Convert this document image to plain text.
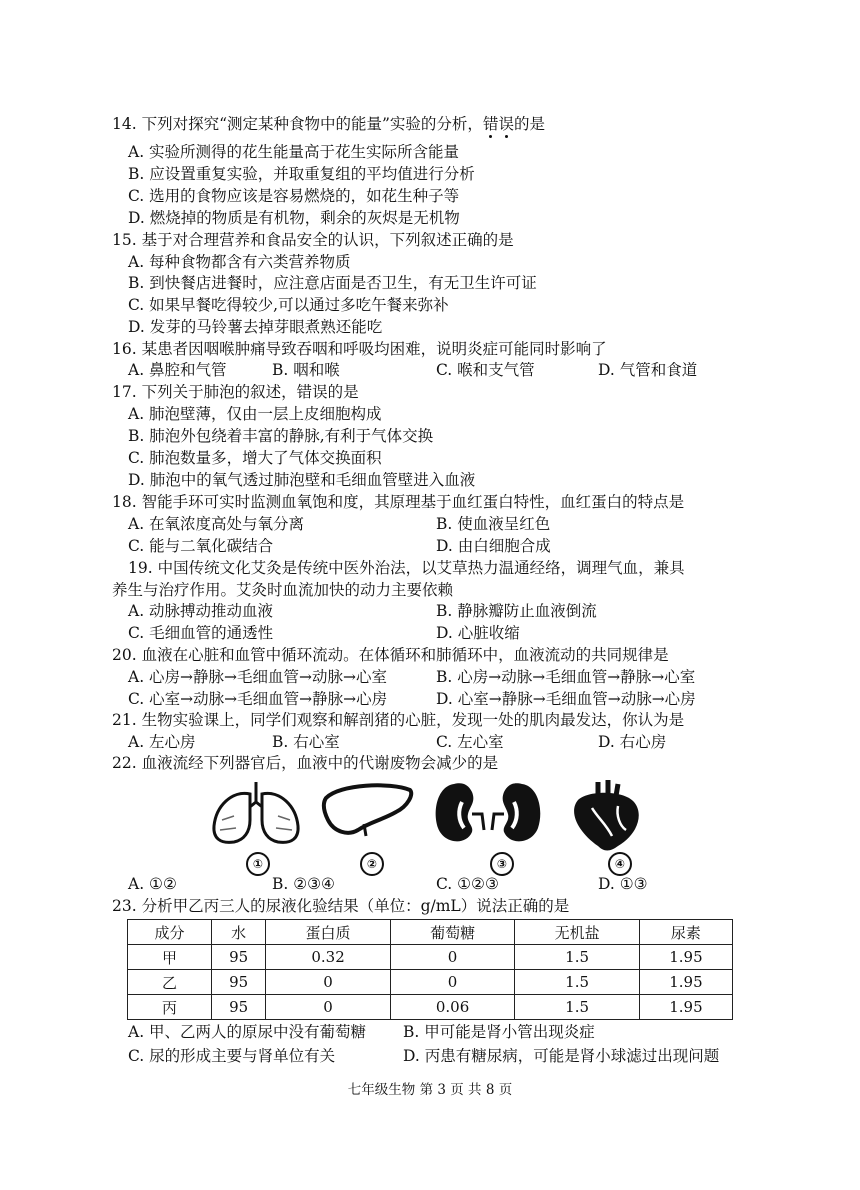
14. 下列对探究“测定某种食物中的能量”实验的分析，错误
的是
A. 实验所测得的花生能量高于花生实际所含能量
B. 应设置重复实验，并取重复组的平均值进行分析
C. 选用的食物应该是容易燃烧的，如花生种子等
D. 燃烧掉的物质是有机物，剩余的灰烬是无机物
15. 基于对合理营养和食品安全的认识，下列叙述正确的是
A. 每种食物都含有六类营养物质
B. 到快餐店进餐时，应注意店面是否卫生，有无卫生许可证
C. 如果早餐吃得较少,可以通过多吃午餐来弥补
D. 发芽的马铃薯去掉芽眼煮熟还能吃
16. 某患者因咽喉肿痛导致吞咽和呼吸均困难，说明炎症可能同时影响了
A. 鼻腔和气管	B. 咽和喉	C. 喉和支气管	D. 气管和食道
17. 下列关于肺泡的叙述，错误的是
A. 肺泡壁薄，仅由一层上皮细胞构成
B. 肺泡外包绕着丰富的静脉,有利于气体交换
C. 肺泡数量多，增大了气体交换面积
D. 肺泡中的氧气透过肺泡壁和毛细血管壁进入血液
18. 智能手环可实时监测血氧饱和度，其原理基于血红蛋白特性，血红蛋白的特点是
A. 在氧浓度高处与氧分离	B. 使血液呈红色
C. 能与二氧化碳结合	D. 由白细胞合成
19. 中国传统文化艾灸是传统中医外治法，以艾草热力温通经络，调理气血，兼具
养生与治疗作用。艾灸时血流加快的动力主要依赖
A. 动脉搏动推动血液	B. 静脉瓣防止血液倒流
C. 毛细血管的通透性	D. 心脏收缩
20. 血液在心脏和血管中循环流动。在体循环和肺循环中，血液流动的共同规律是
A. 心房→静脉→毛细血管→动脉→心室	B. 心房→动脉→毛细血管→静脉→心室
C. 心室→动脉→毛细血管→静脉→心房	D. 心室→静脉→毛细血管→动脉→心房
21. 生物实验课上，同学们观察和解剖猪的心脏，发现一处的肌肉最发达，你认为是
A. 左心房	B. 右心室	C. 左心室	D. 右心房
22. 血液流经下列器官后，血液中的代谢废物会减少的是
①	②	③	④
A. ①②	B. ②③④	C. ①②③	D. ①③
23. 分析甲乙丙三人的尿液化验结果（单位：g/mL）说法正确的是
成分	水	蛋白质	葡萄糖	无机盐	尿素
甲	95	0.32	0	1.5	1.95
乙	95	0	0	1.5	1.95
丙	95	0	0.06	1.5	1.95
A. 甲、乙两人的原尿中没有葡萄糖 B. 甲可能是肾小管出现炎症
C. 尿的形成主要与肾单位有关	D. 丙患有糖尿病，可能是肾小球滤过出现问题
七年级生物 第 3 页 共 8 页
